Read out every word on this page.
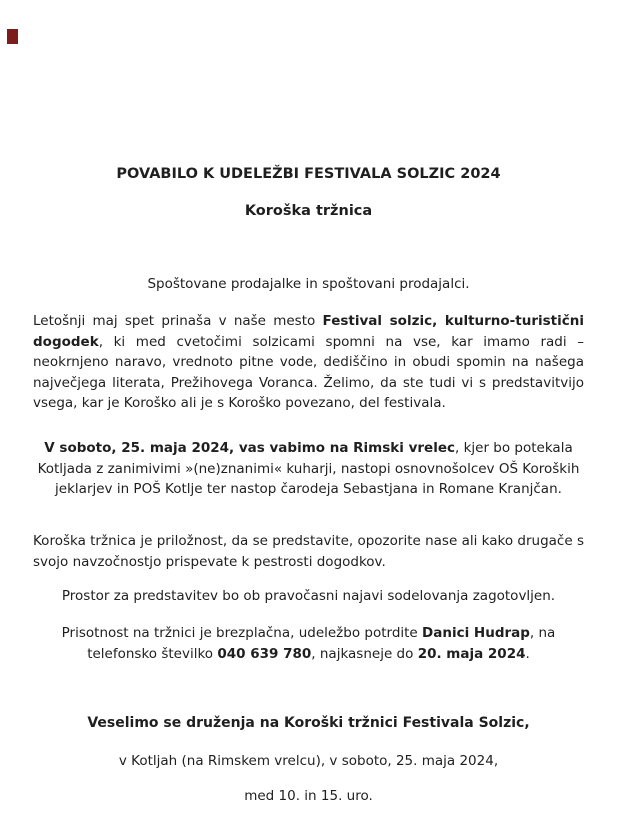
POVABILO K UDELEŽBI FESTIVALA SOLZIC 2024
Koroška tržnica

Spoštovane prodajalke in spoštovani prodajalci.

Letošnji maj spet prinaša v naše mesto Festival solzic, kulturno-turistični dogodek, ki med cvetočimi solzicami spomni na vse, kar imamo radi – neokrnjeno naravo, vrednoto pitne vode, dediščino in obudi spomin na našega največjega literata, Prežihovega Voranca. Želimo, da ste tudi vi s predstavitvijo vsega, kar je Koroško ali je s Koroško povezano, del festivala.

V soboto, 25. maja 2024, vas vabimo na Rimski vrelec, kjer bo potekala Kotljada z zanimivimi »(ne)znanimi« kuharji, nastopi osnovnošolcev OŠ Koroških jeklarjev in POŠ Kotlje ter nastop čarodeja Sebastjana in Romane Kranjčan.

Koroška tržnica je priložnost, da se predstavite, opozorite nase ali kako drugače s svojo navzočnostjo prispevate k pestrosti dogodkov.

Prostor za predstavitev bo ob pravočasni najavi sodelovanja zagotovljen.

Prisotnost na tržnici je brezplačna, udeležbo potrdite Danici Hudrap, na telefonsko številko 040 639 780, najkasneje do 20. maja 2024.

Veselimo se druženja na Koroški tržnici Festivala Solzic,

v Kotljah (na Rimskem vrelcu), v soboto, 25. maja 2024,

med 10. in 15. uro.
